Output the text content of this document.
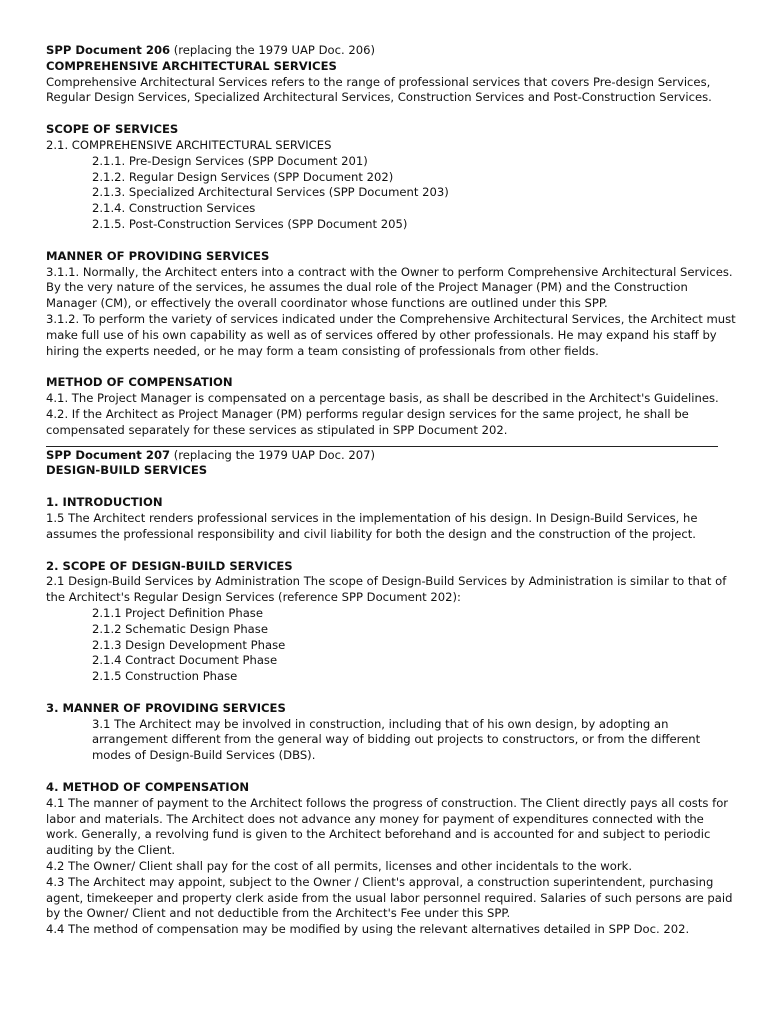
SPP Document 206 (replacing the 1979 UAP Doc. 206)
COMPREHENSIVE ARCHITECTURAL SERVICES

Comprehensive Architectural Services refers to the range of professional services that covers Pre-design Services, Regular Design Services, Specialized Architectural Services, Construction Services and Post-Construction Services.

SCOPE OF SERVICES
2.1. COMPREHENSIVE ARCHITECTURAL SERVICES
2.1.1. Pre-Design Services (SPP Document 201)
2.1.2. Regular Design Services (SPP Document 202)
2.1.3. Specialized Architectural Services (SPP Document 203)
2.1.4. Construction Services
2.1.5. Post-Construction Services (SPP Document 205)
MANNER OF PROVIDING SERVICES

3.1.1. Normally, the Architect enters into a contract with the Owner to perform Comprehensive Architectural Services. By the very nature of the services, he assumes the dual role of the Project Manager (PM) and the Construction Manager (CM), or effectively the overall coordinator whose functions are outlined under this SPP.

3.1.2. To perform the variety of services indicated under the Comprehensive Architectural Services, the Architect must make full use of his own capability as well as of services offered by other professionals. He may expand his staff by hiring the experts needed, or he may form a team consisting of professionals from other fields.

METHOD OF COMPENSATION

4.1. The Project Manager is compensated on a percentage basis, as shall be described in the Architect's Guidelines.

4.2. If the Architect as Project Manager (PM) performs regular design services for the same project, he shall be compensated separately for these services as stipulated in SPP Document 202.

SPP Document 207 (replacing the 1979 UAP Doc. 207)
DESIGN-BUILD SERVICES
1. INTRODUCTION

1.5 The Architect renders professional services in the implementation of his design. In Design-Build Services, he assumes the professional responsibility and civil liability for both the design and the construction of the project.

2. SCOPE OF DESIGN-BUILD SERVICES

2.1 Design-Build Services by Administration The scope of Design-Build Services by Administration is similar to that of the Architect's Regular Design Services (reference SPP Document 202):

2.1.1 Project Definition Phase
2.1.2 Schematic Design Phase
2.1.3 Design Development Phase
2.1.4 Contract Document Phase
2.1.5 Construction Phase
3. MANNER OF PROVIDING SERVICES

3.1 The Architect may be involved in construction, including that of his own design, by adopting an arrangement different from the general way of bidding out projects to constructors, or from the different modes of Design-Build Services (DBS).

4. METHOD OF COMPENSATION

4.1 The manner of payment to the Architect follows the progress of construction. The Client directly pays all costs for labor and materials. The Architect does not advance any money for payment of expenditures connected with the work. Generally, a revolving fund is given to the Architect beforehand and is accounted for and subject to periodic auditing by the Client.

4.2 The Owner/ Client shall pay for the cost of all permits, licenses and other incidentals to the work.

4.3 The Architect may appoint, subject to the Owner / Client's approval, a construction superintendent, purchasing agent, timekeeper and property clerk aside from the usual labor personnel required. Salaries of such persons are paid by the Owner/ Client and not deductible from the Architect's Fee under this SPP.

4.4 The method of compensation may be modified by using the relevant alternatives detailed in SPP Doc. 202.
